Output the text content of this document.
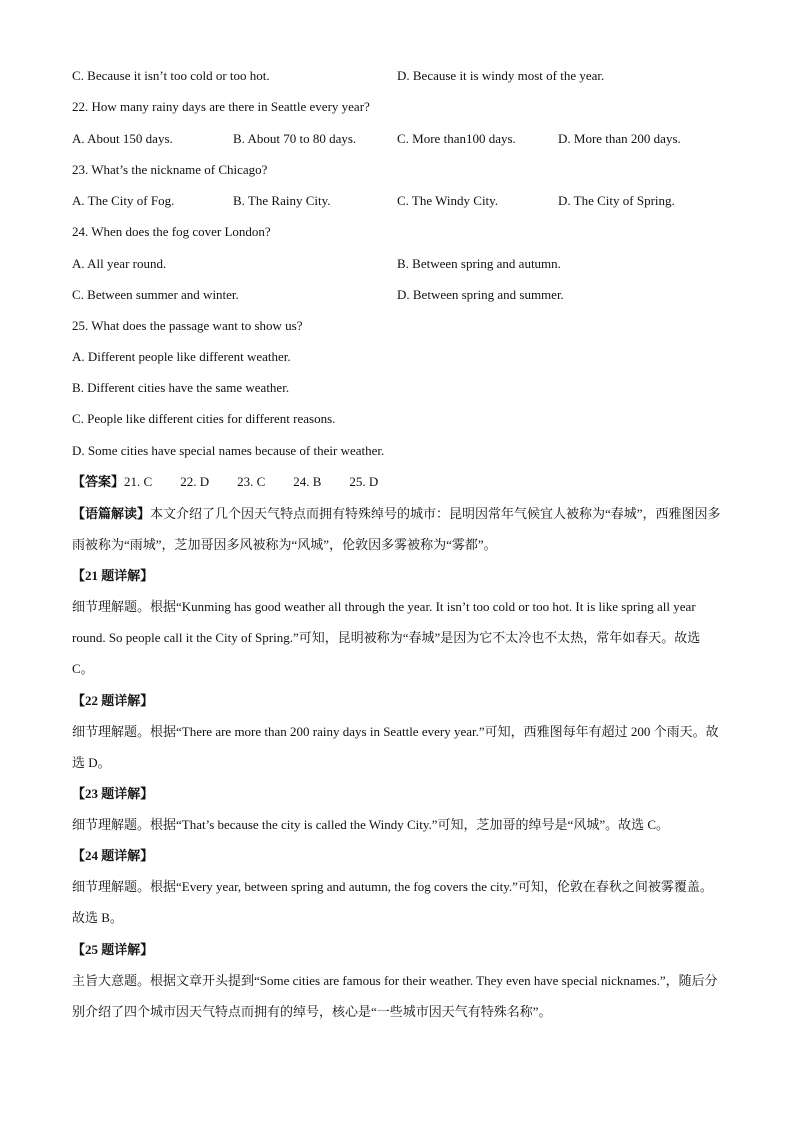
C. Because it isn’t too cold or too hot.	D. Because it is windy most of the year.
22. How many rainy days are there in Seattle every year?
A. About 150 days.	B. About 70 to 80 days.	C. More than100 days.	D. More than 200 days.
23. What’s the nickname of Chicago?
A. The City of Fog.	B. The Rainy City.	C. The Windy City.	D. The City of Spring.
24. When does the fog cover London?
A. All year round.	B. Between spring and autumn.
C. Between summer and winter.	D. Between spring and summer.
25. What does the passage want to show us?
A. Different people like different weather.
B. Different cities have the same weather.
C. People like different cities for different reasons.
D. Some cities have special names because of their weather.
【答案】21. C 22. D 23. C 24. B 25. D
【语篇解读】本文介绍了几个因天气特点而拥有特殊绰号的城市：昆明因常年气候宜人被称为“春城”，西雅图因多雨被称为“雨城”，芝加哥因多风被称为“风城”，伦敦因多雾被称为“雾都”。
【21 题详解】
细节理解题。根据“Kunming has good weather all through the year. It isn’t too cold or too hot. It is like spring all year round. So people call it the City of Spring.”可知，昆明被称为“春城”是因为它不太冷也不太热，常年如春天。故选 C。
【22 题详解】
细节理解题。根据“There are more than 200 rainy days in Seattle every year.”可知，西雅图每年有超过 200 个雨天。故选 D。
【23 题详解】
细节理解题。根据“That’s because the city is called the Windy City.”可知，芝加哥的绰号是“风城”。故选 C。
【24 题详解】
细节理解题。根据“Every year, between spring and autumn, the fog covers the city.”可知，伦敦在春秋之间被雾覆盖。故选 B。
【25 题详解】
主旨大意题。根据文章开头提到“Some cities are famous for their weather. They even have special nicknames.”，随后分别介绍了四个城市因天气特点而拥有的绰号，核心是“一些城市因天气有特殊名称”。
